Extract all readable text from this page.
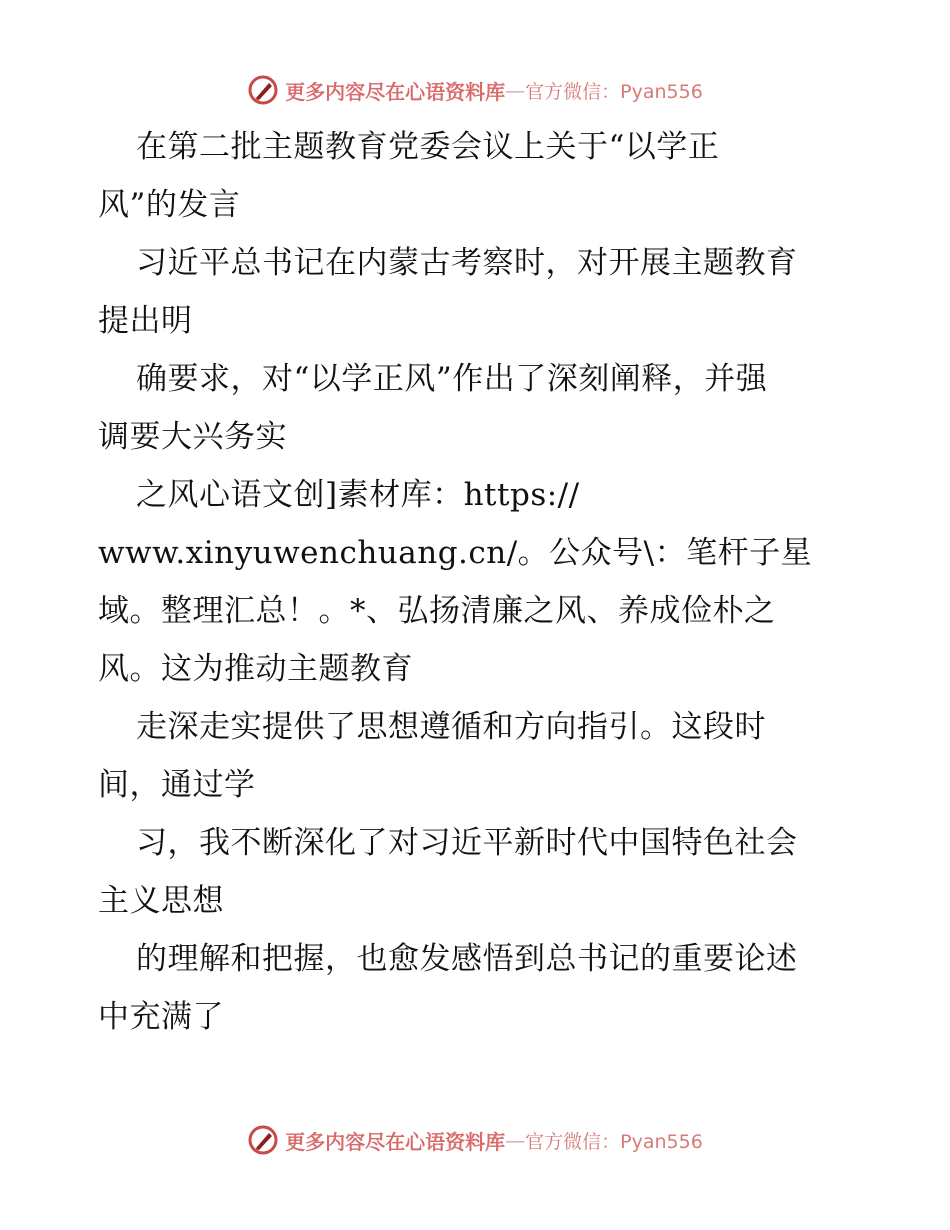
更多内容尽在心语资料库 — 官方微信：Pyan556
在第二批主题教育党委会议上关于“以学正
风”的发言
习近平总书记在内蒙古考察时，对开展主题教育
提出明
确要求，对“以学正风”作出了深刻阐释，并强
调要大兴务实
之风心语文创]素材库：https://
www.xinyuwenchuang.cn/。公众号\：笔杆子星
域。整理汇总！。*、弘扬清廉之风、养成俭朴之
风。这为推动主题教育
走深走实提供了思想遵循和方向指引。这段时
间，通过学
习，我不断深化了对习近平新时代中国特色社会
主义思想
的理解和把握，也愈发感悟到总书记的重要论述
中充满了
更多内容尽在心语资料库 — 官方微信：Pyan556
